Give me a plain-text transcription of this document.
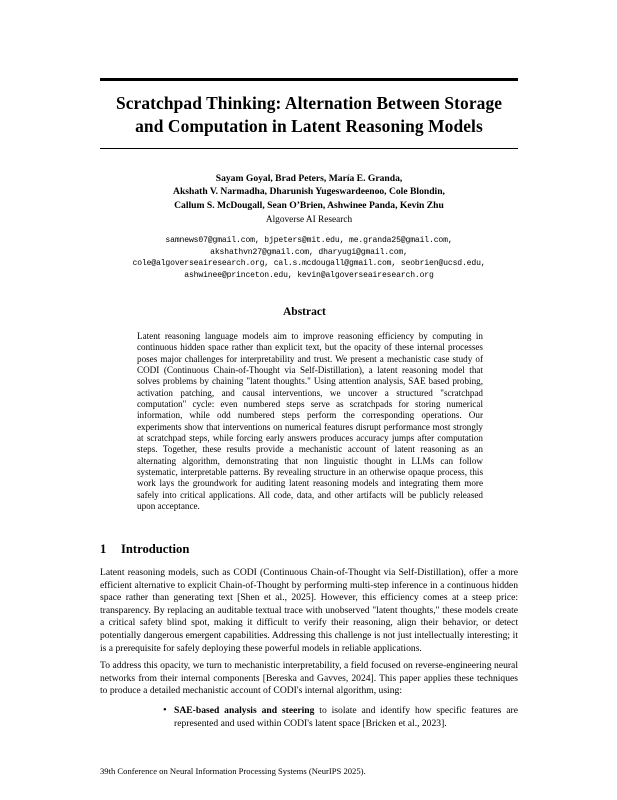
Scratchpad Thinking: Alternation Between Storage
and Computation in Latent Reasoning Models
Sayam Goyal, Brad Peters, María E. Granda,
Akshath V. Narmadha, Dharunish Yugeswardeenoo, Cole Blondin,
Callum S. McDougall, Sean O’Brien, Ashwinee Panda, Kevin Zhu
Algoverse AI Research
samnews07@gmail.com, bjpeters@mit.edu, me.granda25@gmail.com,
akshathvn27@gmail.com, dharyugi@gmail.com,
cole@algoverseairesearch.org, cal.s.mcdougall@gmail.com, seobrien@ucsd.edu,
ashwinee@princeton.edu, kevin@algoverseairesearch.org
Abstract

Latent reasoning language models aim to improve reasoning efficiency by computing in continuous hidden space rather than explicit text, but the opacity of these internal processes poses major challenges for interpretability and trust. We present a mechanistic case study of CODI (Continuous Chain-of-Thought via Self-Distillation), a latent reasoning model that solves problems by chaining "latent thoughts." Using attention analysis, SAE based probing, activation patching, and causal interventions, we uncover a structured "scratchpad computation" cycle: even numbered steps serve as scratchpads for storing numerical information, while odd numbered steps perform the corresponding operations. Our experiments show that interventions on numerical features disrupt performance most strongly at scratchpad steps, while forcing early answers produces accuracy jumps after computation steps. Together, these results provide a mechanistic account of latent reasoning as an alternating algorithm, demonstrating that non linguistic thought in LLMs can follow systematic, interpretable patterns. By revealing structure in an otherwise opaque process, this work lays the groundwork for auditing latent reasoning models and integrating them more safely into critical applications. All code, data, and other artifacts will be publicly released upon acceptance.

1 Introduction

Latent reasoning models, such as CODI (Continuous Chain-of-Thought via Self-Distillation), offer a more efficient alternative to explicit Chain-of-Thought by performing multi-step inference in a continuous hidden space rather than generating text [Shen et al., 2025]. However, this efficiency comes at a steep price: transparency. By replacing an auditable textual trace with unobserved "latent thoughts," these models create a critical safety blind spot, making it difficult to verify their reasoning, align their behavior, or detect potentially dangerous emergent capabilities. Addressing this challenge is not just intellectually interesting; it is a prerequisite for safely deploying these powerful models in reliable applications.

To address this opacity, we turn to mechanistic interpretability, a field focused on reverse-engineering neural networks from their internal components [Bereska and Gavves, 2024]. This paper applies these techniques to produce a detailed mechanistic account of CODI's internal algorithm, using:

• SAE-based analysis and steering to isolate and identify how specific features are represented and used within CODI's latent space [Bricken et al., 2023].
39th Conference on Neural Information Processing Systems (NeurIPS 2025).
